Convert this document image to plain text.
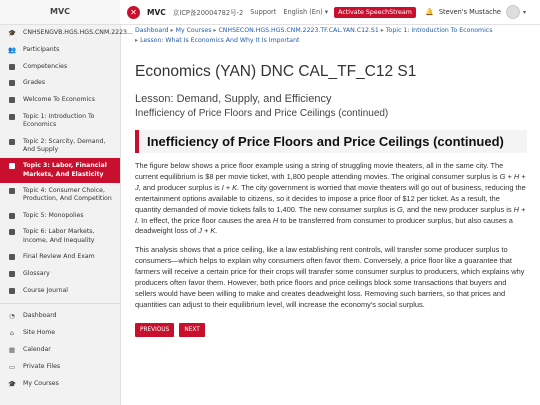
MVC
🎓 CNHSENGVB.HGS.HGS.CNM.2223...
👥 Participants
Competencies
Grades
Welcome To Economics
Topic 1: Introduction To Economics
Topic 2: Scarcity, Demand, And Supply
Topic 3: Labor, Financial Markets, And Elasticity
Topic 4: Consumer Choice, Production, And Competition
Topic 5: Monopolies
Topic 6: Labor Markets, Income, And Inequality
Final Review And Exam
Glossary
Course Journal
◔ Dashboard
⌂	Site Home
▦ Calendar
▭ Private Files
🎓 My Courses
✕	MVC 京ICP备20004782号-2 Support English (En) ▾	Activate SpeechStream	🔔 Steven's Mustache	▾
Dashboard ▸ My Courses ▸ CNHSECON.HGS.HGS.CNM.2223.TF.CAL.YAN.C12.S1 ▸ Topic 1: Introduction To Economics
▸ Lesson: What Is Economics And Why It Is Important
Economics (YAN) DNC CAL_TF_C12 S1
Lesson: Demand, Supply, and Efficiency
Inefficiency of Price Floors and Price Ceilings (continued)
Inefficiency of Price Floors and Price Ceilings (continued)

The figure below shows a price floor example using a string of struggling movie theaters, all in the same city. The current equilibrium is $8 per movie ticket, with 1,800 people attending movies. The original consumer surplus is G + H + J, and producer surplus is I + K. The city government is worried that movie theaters will go out of business, reducing the entertainment options available to citizens, so it decides to impose a price floor of $12 per ticket. As a result, the quantity demanded of movie tickets falls to 1,400. The new consumer surplus is G, and the new producer surplus is H + I. In effect, the price floor causes the area H to be transferred from consumer to producer surplus, but also causes a deadweight loss of J + K.

This analysis shows that a price ceiling, like a law establishing rent controls, will transfer some producer surplus to consumers—which helps to explain why consumers often favor them. Conversely, a price floor like a guarantee that farmers will receive a certain price for their crops will transfer some consumer surplus to producers, which explains why producers often favor them. However, both price floors and price ceilings block some transactions that buyers and sellers would have been willing to make and creates deadweight loss. Removing such barriers, so that prices and quantities can adjust to their equilibrium level, will increase the economy's social surplus.

PREVIOUS	NEXT
